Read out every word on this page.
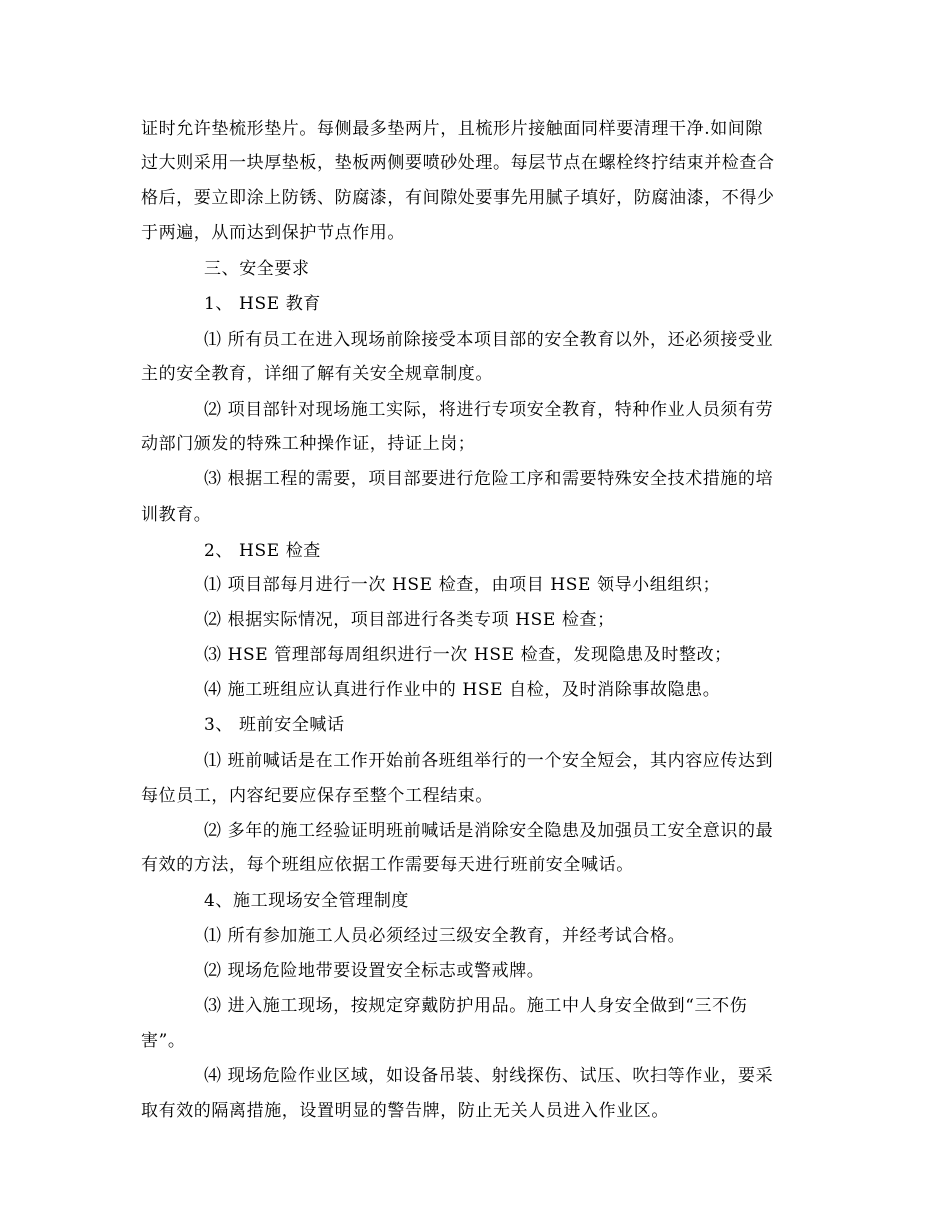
证时允许垫梳形垫片。每侧最多垫两片，且梳形片接触面同样要清理干净.如间隙
过大则采用一块厚垫板，垫板两侧要喷砂处理。每层节点在螺栓终拧结束并检查合
格后，要立即涂上防锈、防腐漆，有间隙处要事先用腻子填好，防腐油漆，不得少
于两遍，从而达到保护节点作用。
三、安全要求
1、 HSE 教育
⑴ 所有员工在进入现场前除接受本项目部的安全教育以外，还必须接受业
主的安全教育，详细了解有关安全规章制度。
⑵ 项目部针对现场施工实际，将进行专项安全教育，特种作业人员须有劳
动部门颁发的特殊工种操作证，持证上岗；
⑶ 根据工程的需要，项目部要进行危险工序和需要特殊安全技术措施的培
训教育。
2、 HSE 检查
⑴ 项目部每月进行一次 HSE 检查，由项目 HSE 领导小组组织；
⑵ 根据实际情况，项目部进行各类专项 HSE 检查；
⑶ HSE 管理部每周组织进行一次 HSE 检查，发现隐患及时整改；
⑷ 施工班组应认真进行作业中的 HSE 自检，及时消除事故隐患。
3、 班前安全喊话
⑴ 班前喊话是在工作开始前各班组举行的一个安全短会，其内容应传达到
每位员工，内容纪要应保存至整个工程结束。
⑵ 多年的施工经验证明班前喊话是消除安全隐患及加强员工安全意识的最
有效的方法，每个班组应依据工作需要每天进行班前安全喊话。
4、施工现场安全管理制度
⑴ 所有参加施工人员必须经过三级安全教育，并经考试合格。
⑵ 现场危险地带要设置安全标志或警戒牌。
⑶ 进入施工现场，按规定穿戴防护用品。施工中人身安全做到“三不伤
害”。
⑷ 现场危险作业区域，如设备吊装、射线探伤、试压、吹扫等作业，要采
取有效的隔离措施，设置明显的警告牌，防止无关人员进入作业区。
